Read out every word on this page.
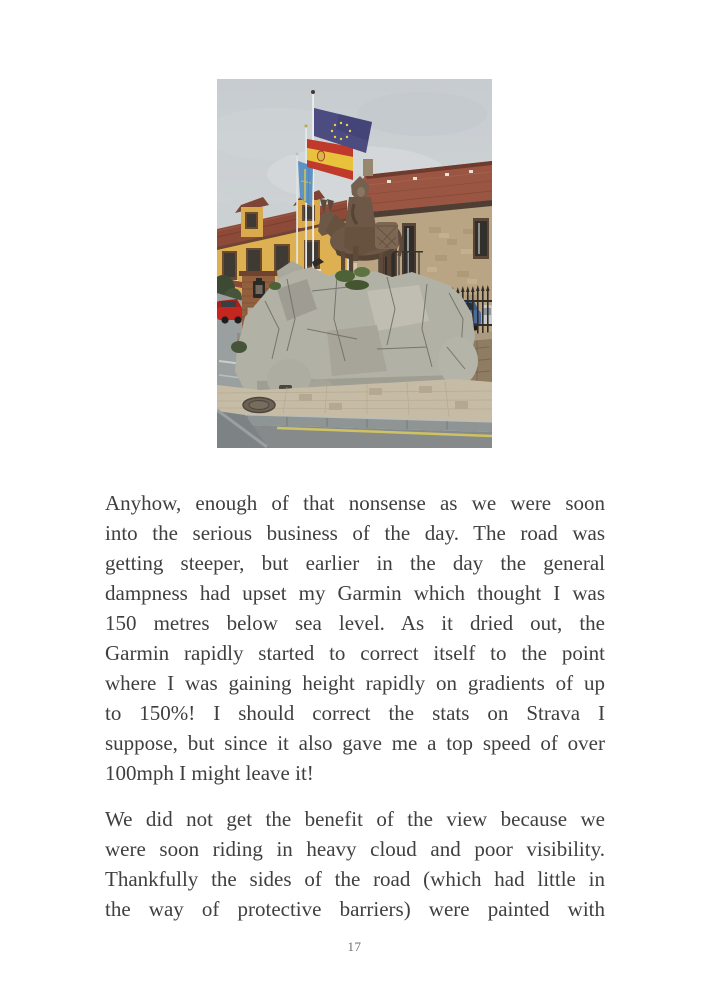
Anyhow, enough of that nonsense as we were soon
into the serious business of the day. The road was
getting steeper, but earlier in the day the general
dampness had upset my Garmin which thought I was
150 metres below sea level. As it dried out, the
Garmin rapidly started to correct itself to the point
where I was gaining height rapidly on gradients of up
to 150%! I should correct the stats on Strava I
suppose, but since it also gave me a top speed of over
100mph I might leave it!
We did not get the benefit of the view because we
were soon riding in heavy cloud and poor visibility.
Thankfully the sides of the road (which had little in
the way of protective barriers) were painted with
17
